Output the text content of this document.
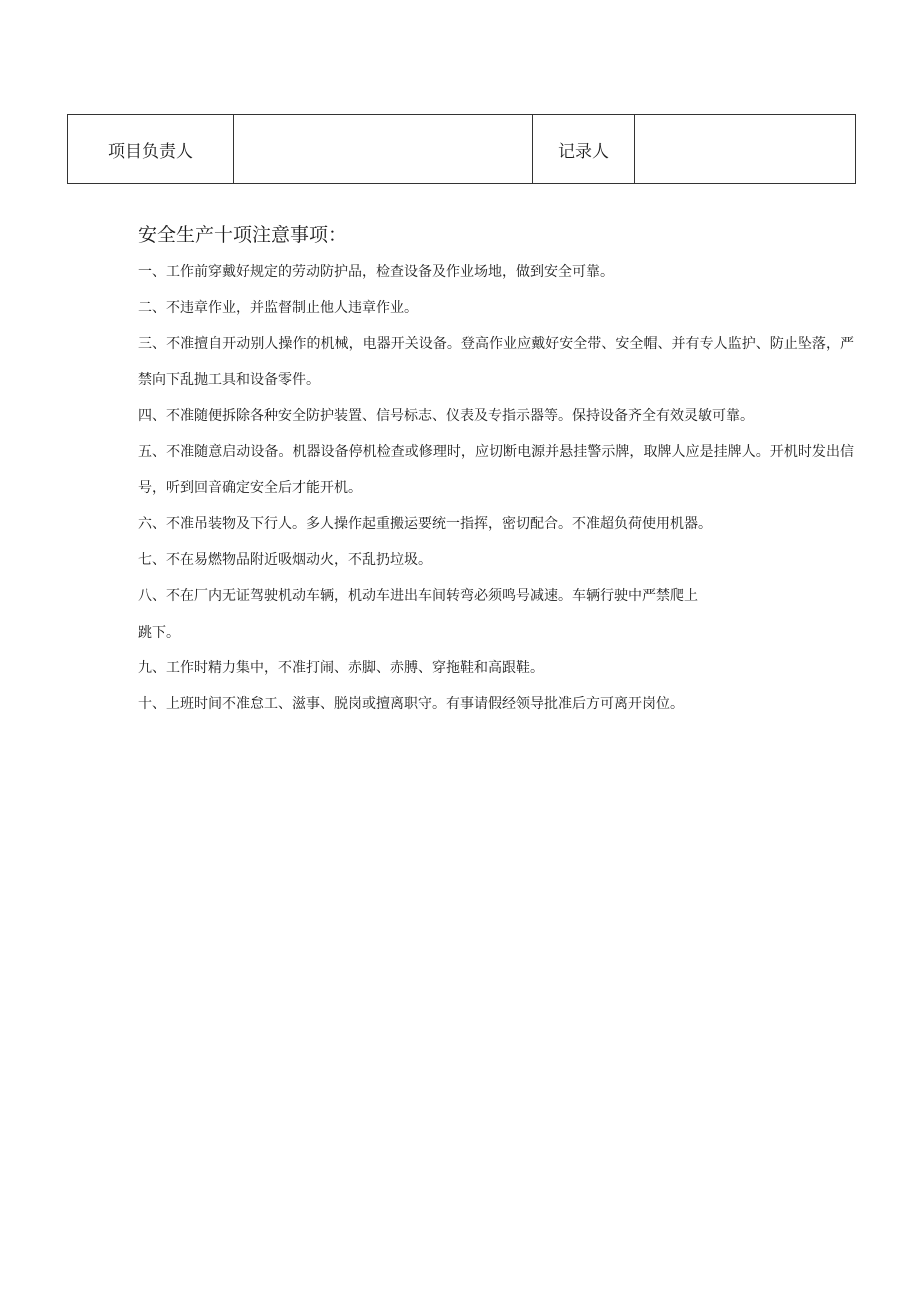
项目负责人		记录人	
安全生产十项注意事项：
一、工作前穿戴好规定的劳动防护品，检查设备及作业场地，做到安全可靠。
二、不违章作业，并监督制止他人违章作业。
三、不准擅自开动别人操作的机械，电器开关设备。登高作业应戴好安全带、安全帽、并有专人监护、防止坠落，严禁向下乱抛工具和设备零件。
四、不准随便拆除各种安全防护装置、信号标志、仪表及专指示器等。保持设备齐全有效灵敏可靠。
五、不准随意启动设备。机器设备停机检查或修理时，应切断电源并悬挂警示牌，取牌人应是挂牌人。开机时发出信号，听到回音确定安全后才能开机。
六、不准吊装物及下行人。多人操作起重搬运要统一指挥，密切配合。不准超负荷使用机器。
七、不在易燃物品附近吸烟动火，不乱扔垃圾。
八、不在厂内无证驾驶机动车辆，机动车进出车间转弯必须鸣号减速。车辆行驶中严禁爬上
跳下。
九、工作时精力集中，不准打闹、赤脚、赤膊、穿拖鞋和高跟鞋。
十、上班时间不准怠工、滋事、脱岗或擅离职守。有事请假经领导批准后方可离开岗位。
